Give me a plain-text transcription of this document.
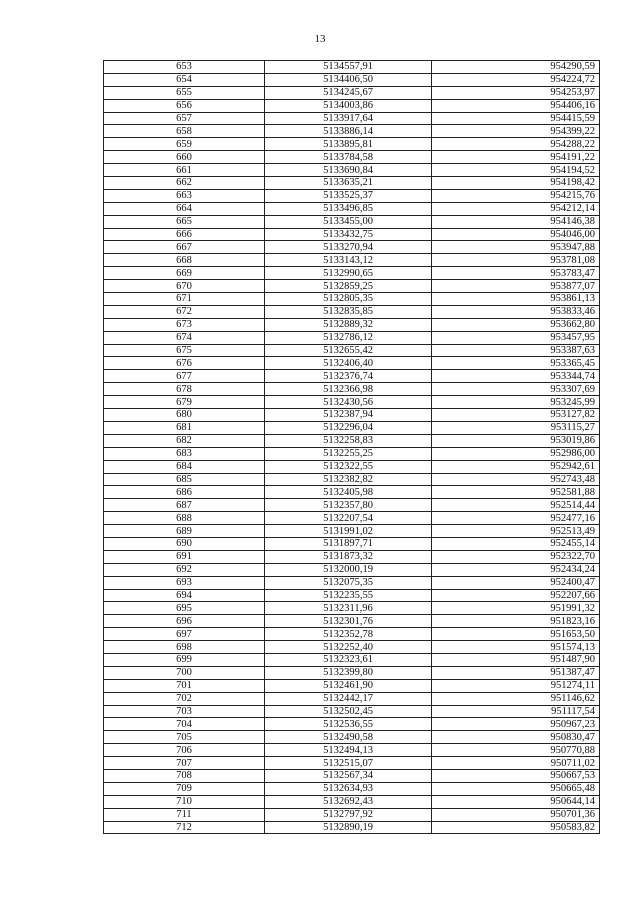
13
653	5134557,91	954290,59
654	5134406,50	954224,72
655	5134245,67	954253,97
656	5134003,86	954406,16
657	5133917,64	954415,59
658	5133886,14	954399,22
659	5133895,81	954288,22
660	5133784,58	954191,22
661	5133690,84	954194,52
662	5133635,21	954198,42
663	5133525,37	954215,76
664	5133496,85	954212,14
665	5133455,00	954146,38
666	5133432,75	954046,00
667	5133270,94	953947,88
668	5133143,12	953781,08
669	5132990,65	953783,47
670	5132859,25	953877,07
671	5132805,35	953861,13
672	5132835,85	953833,46
673	5132889,32	953662,80
674	5132786,12	953457,95
675	5132655,42	953387,63
676	5132406,40	953365,45
677	5132376,74	953344,74
678	5132366,98	953307,69
679	5132430,56	953245,99
680	5132387,94	953127,82
681	5132296,04	953115,27
682	5132258,83	953019,86
683	5132255,25	952986,00
684	5132322,55	952942,61
685	5132382,82	952743,48
686	5132405,98	952581,88
687	5132357,80	952514,44
688	5132207,54	952477,16
689	5131991,02	952513,49
690	5131897,71	952455,14
691	5131873,32	952322,70
692	5132000,19	952434,24
693	5132075,35	952400,47
694	5132235,55	952207,66
695	5132311,96	951991,32
696	5132301,76	951823,16
697	5132352,78	951653,50
698	5132252,40	951574,13
699	5132323,61	951487,90
700	5132399,80	951387,47
701	5132461,90	951274,11
702	5132442,17	951146,62
703	5132502,45	951117,54
704	5132536,55	950967,23
705	5132490,58	950830,47
706	5132494,13	950770,88
707	5132515,07	950711,02
708	5132567,34	950667,53
709	5132634,93	950665,48
710	5132692,43	950644,14
711	5132797,92	950701,36
712	5132890,19	950583,82
